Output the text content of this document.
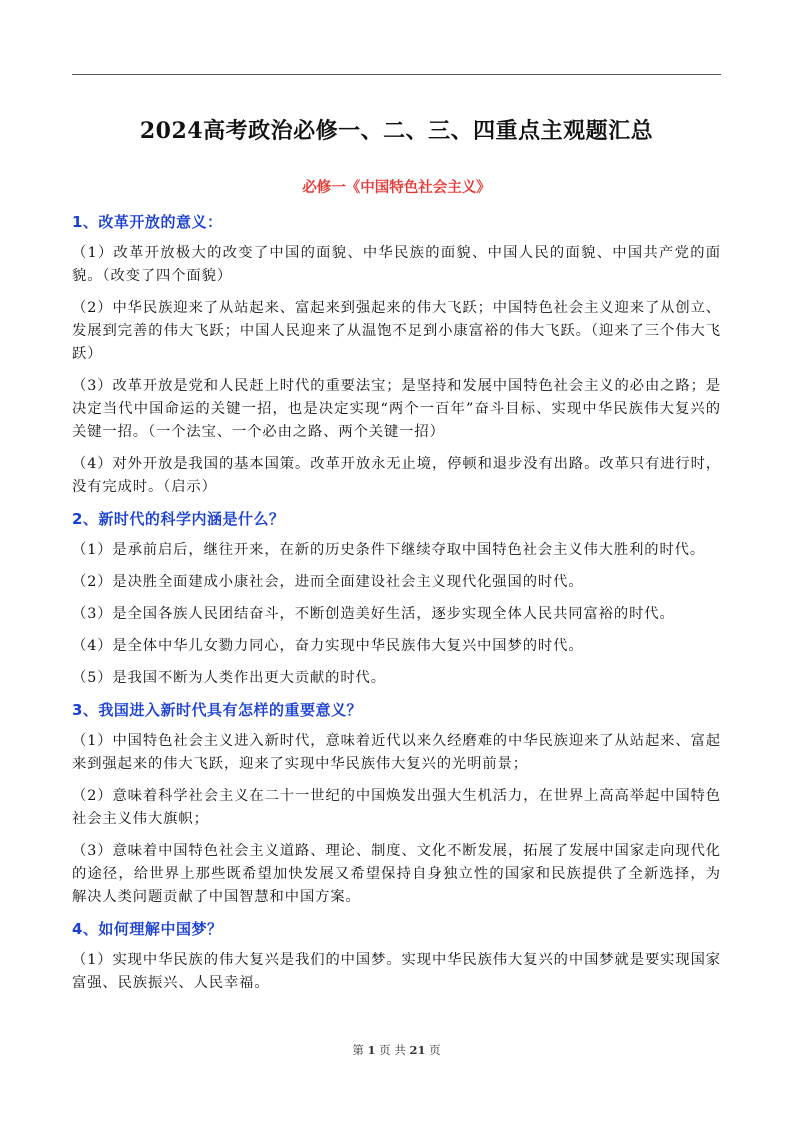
2024高考政治必修一、二、三、四重点主观题汇总
必修一《中国特色社会主义》
1、改革开放的意义：
（1）改革开放极大的改变了中国的面貌、中华民族的面貌、中国人民的面貌、中国共产党的面貌。（改变了四个面貌）
（2）中华民族迎来了从站起来、富起来到强起来的伟大飞跃；中国特色社会主义迎来了从创立、发展到完善的伟大飞跃；中国人民迎来了从温饱不足到小康富裕的伟大飞跃。（迎来了三个伟大飞跃）
（3）改革开放是党和人民赶上时代的重要法宝；是坚持和发展中国特色社会主义的必由之路；是决定当代中国命运的关键一招，也是决定实现“两个一百年”奋斗目标、实现中华民族伟大复兴的关键一招。（一个法宝、一个必由之路、两个关键一招）
（4）对外开放是我国的基本国策。改革开放永无止境，停顿和退步没有出路。改革只有进行时，没有完成时。（启示）
2、新时代的科学内涵是什么？
（1）是承前启后，继往开来，在新的历史条件下继续夺取中国特色社会主义伟大胜利的时代。
（2）是决胜全面建成小康社会，进而全面建设社会主义现代化强国的时代。
（3）是全国各族人民团结奋斗，不断创造美好生活，逐步实现全体人民共同富裕的时代。
（4）是全体中华儿女勠力同心，奋力实现中华民族伟大复兴中国梦的时代。
（5）是我国不断为人类作出更大贡献的时代。
3、我国进入新时代具有怎样的重要意义？
（1）中国特色社会主义进入新时代，意味着近代以来久经磨难的中华民族迎来了从站起来、富起来到强起来的伟大飞跃，迎来了实现中华民族伟大复兴的光明前景；
（2）意味着科学社会主义在二十一世纪的中国焕发出强大生机活力，在世界上高高举起中国特色社会主义伟大旗帜；
（3）意味着中国特色社会主义道路、理论、制度、文化不断发展，拓展了发展中国家走向现代化的途径，给世界上那些既希望加快发展又希望保持自身独立性的国家和民族提供了全新选择，为解决人类问题贡献了中国智慧和中国方案。
4、如何理解中国梦？
（1）实现中华民族的伟大复兴是我们的中国梦。实现中华民族伟大复兴的中国梦就是要实现国家富强、民族振兴、人民幸福。
第 1 页 共 21 页
